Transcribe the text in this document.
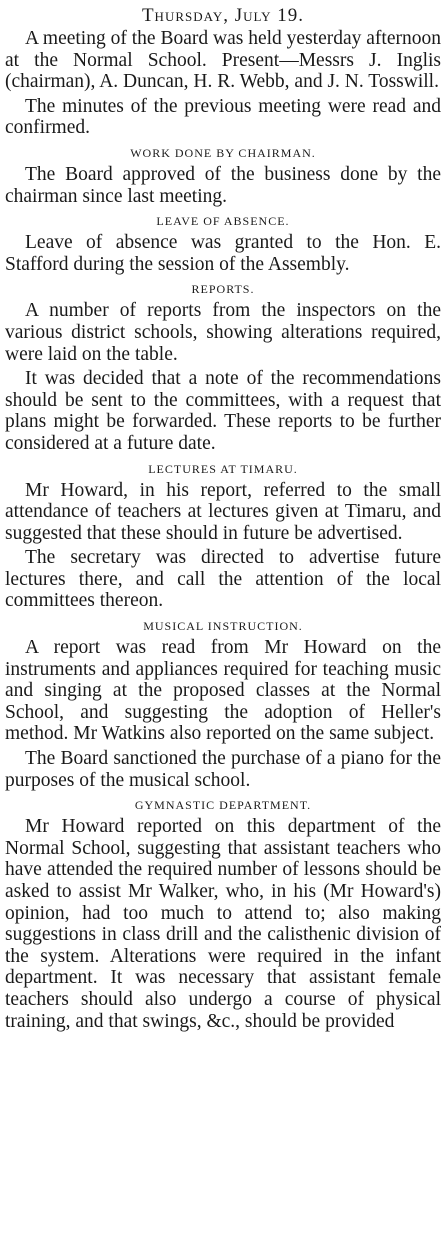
Thursday, July 19.

A meeting of the Board was held yesterday afternoon at the Normal School. Present—Messrs J. Inglis (chairman), A. Duncan, H. R. Webb, and J. N. Tosswill.

The minutes of the previous meeting were read and confirmed.

WORK DONE BY CHAIRMAN.

The Board approved of the business done by the chairman since last meeting.

LEAVE OF ABSENCE.

Leave of absence was granted to the Hon. E. Stafford during the session of the Assembly.

REPORTS.

A number of reports from the inspectors on the various district schools, showing alterations required, were laid on the table.

It was decided that a note of the recommendations should be sent to the committees, with a request that plans might be forwarded. These reports to be further considered at a future date.

LECTURES AT TIMARU.

Mr Howard, in his report, referred to the small attendance of teachers at lectures given at Timaru, and suggested that these should in future be advertised.

The secretary was directed to advertise future lectures there, and call the attention of the local committees thereon.

MUSICAL INSTRUCTION.

A report was read from Mr Howard on the instruments and appliances required for teaching music and singing at the proposed classes at the Normal School, and suggesting the adoption of Heller's method. Mr Watkins also reported on the same subject.

The Board sanctioned the purchase of a piano for the purposes of the musical school.

GYMNASTIC DEPARTMENT.

Mr Howard reported on this department of the Normal School, suggesting that assistant teachers who have attended the required number of lessons should be asked to assist Mr Walker, who, in his (Mr Howard's) opinion, had too much to attend to; also making suggestions in class drill and the calisthenic division of the system. Alterations were required in the infant department. It was necessary that assistant female teachers should also undergo a course of physical training, and that swings, &c., should be provided
